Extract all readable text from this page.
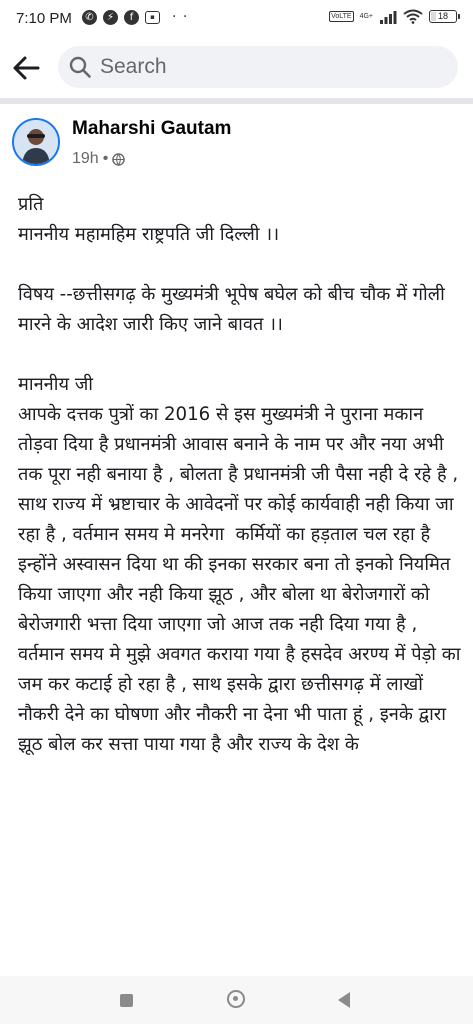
7:10 PM	✆	⚡	f	▪	· ·	VoLTE 4G+	18
Search
Maharshi Gautam
19h •

प्रति
माननीय महामहिम राष्ट्रपति जी दिल्ली ।।

विषय --छत्तीसगढ़ के मुख्यमंत्री भूपेष बघेल को बीच चौक में गोली मारने के आदेश जारी किए जाने बावत ।।

माननीय जी
आपके दत्तक पुत्रों का 2016 से इस मुख्यमंत्री ने पुराना मकान तोड़वा दिया है प्रधानमंत्री आवास बनाने के नाम पर और नया अभी तक पूरा नही बनाया है , बोलता है प्रधानमंत्री जी पैसा नही दे रहे है , साथ राज्य में भ्रष्टाचार के आवेदनों पर कोई कार्यवाही नही किया जा रहा है , वर्तमान समय मे मनरेगा  कर्मियों का हड़ताल चल रहा है इन्होंने अस्वासन दिया था की इनका सरकार बना तो इनको नियमित किया जाएगा और नही किया झूठ , और बोला था बेरोजगारों को बेरोजगारी भत्ता दिया जाएगा जो आज तक नही दिया गया है , वर्तमान समय मे मुझे अवगत कराया गया है हसदेव अरण्य में पेड़ो का जम कर कटाई हो रहा है , साथ इसके द्वारा छत्तीसगढ़ में लाखों नौकरी देने का घोषणा और नौकरी ना देना भी पाता हूं , इनके द्वारा झूठ बोल कर सत्ता पाया गया है और राज्य के देश के
